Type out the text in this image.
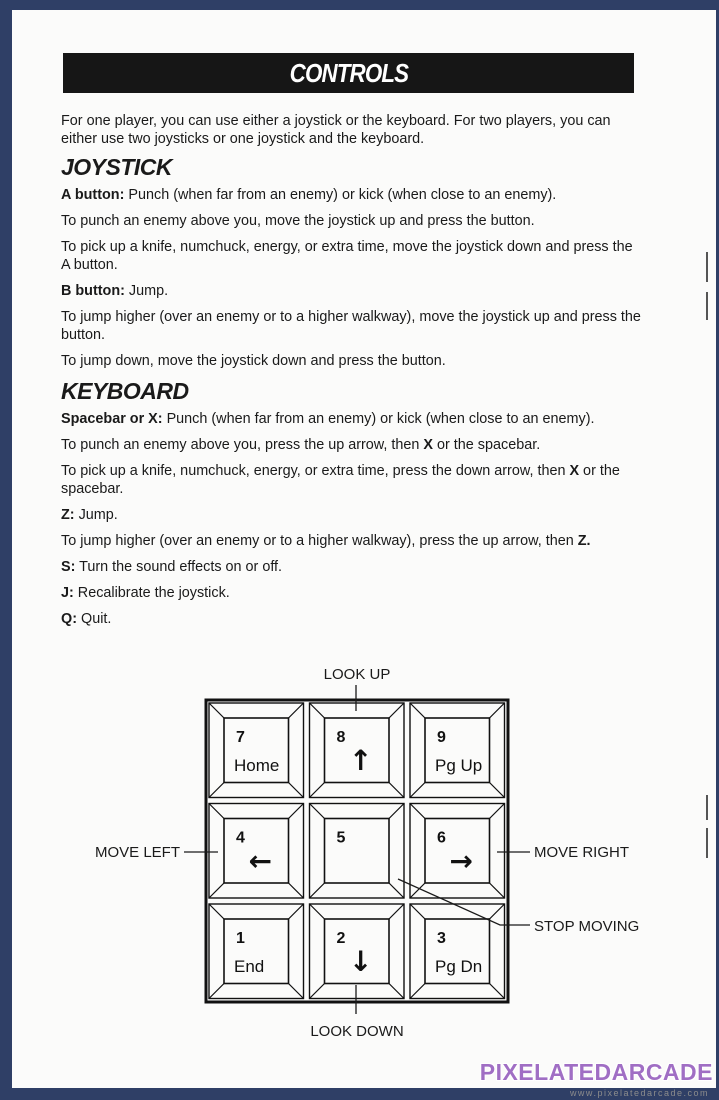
CONTROLS

For one player, you can use either a joystick or the keyboard. For two players, you can either use two joysticks or one joystick and the keyboard.

JOYSTICK

A button: Punch (when far from an enemy) or kick (when close to an enemy).

To punch an enemy above you, move the joystick up and press the button.

To pick up a knife, numchuck, energy, or extra time, move the joystick down and press the A button.

B button: Jump.

To jump higher (over an enemy or to a higher walkway), move the joystick up and press the button.

To jump down, move the joystick down and press the button.

KEYBOARD

Spacebar or X: Punch (when far from an enemy) or kick (when close to an enemy).

To punch an enemy above you, press the up arrow, then X or the spacebar.

To pick up a knife, numchuck, energy, or extra time, press the down arrow, then X or the spacebar.

Z: Jump.

To jump higher (over an enemy or to a higher walkway), press the up arrow, then Z.

S: Turn the sound effects on or off.

J: Recalibrate the joystick.

Q: Quit.

7
Home
8
↑
9
Pg Up
4
←
5	6
→
1
End
2
↓
3
Pg Dn
LOOK UP
MOVE LEFT	MOVE RIGHT
STOP MOVING
LOOK DOWN
PIXELATEDARCADE
www.pixelatedarcade.com
